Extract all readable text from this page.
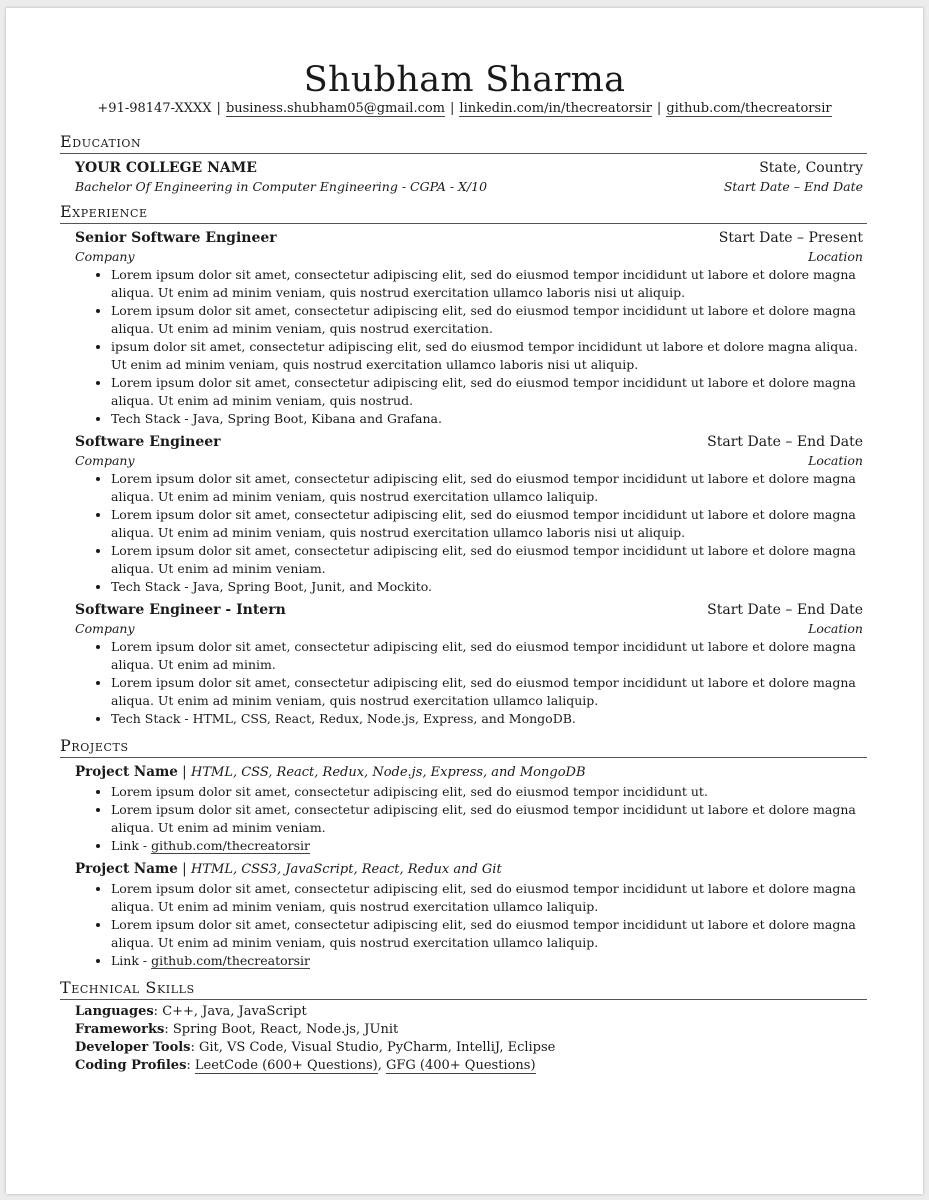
Shubham Sharma
+91-98147-XXXX | business.shubham05@gmail.com | linkedin.com/in/thecreatorsir | github.com/thecreatorsir
Education
YOUR COLLEGE NAME	State, Country
Bachelor Of Engineering in Computer Engineering - CGPA - X/10	Start Date – End Date
Experience
Senior Software Engineer	Start Date – Present
Company	Location
• Lorem ipsum dolor sit amet, consectetur adipiscing elit, sed do eiusmod tempor incididunt ut labore et dolore magna aliqua. Ut enim ad minim veniam, quis nostrud exercitation ullamco laboris nisi ut aliquip.
• Lorem ipsum dolor sit amet, consectetur adipiscing elit, sed do eiusmod tempor incididunt ut labore et dolore magna aliqua. Ut enim ad minim veniam, quis nostrud exercitation.
• ipsum dolor sit amet, consectetur adipiscing elit, sed do eiusmod tempor incididunt ut labore et dolore magna aliqua. Ut enim ad minim veniam, quis nostrud exercitation ullamco laboris nisi ut aliquip.
• Lorem ipsum dolor sit amet, consectetur adipiscing elit, sed do eiusmod tempor incididunt ut labore et dolore magna aliqua. Ut enim ad minim veniam, quis nostrud.
• Tech Stack - Java, Spring Boot, Kibana and Grafana.
Software Engineer	Start Date – End Date
Company	Location
• Lorem ipsum dolor sit amet, consectetur adipiscing elit, sed do eiusmod tempor incididunt ut labore et dolore magna aliqua. Ut enim ad minim veniam, quis nostrud exercitation ullamco laliquip.
• Lorem ipsum dolor sit amet, consectetur adipiscing elit, sed do eiusmod tempor incididunt ut labore et dolore magna aliqua. Ut enim ad minim veniam, quis nostrud exercitation ullamco laboris nisi ut aliquip.
• Lorem ipsum dolor sit amet, consectetur adipiscing elit, sed do eiusmod tempor incididunt ut labore et dolore magna aliqua. Ut enim ad minim veniam.
• Tech Stack - Java, Spring Boot, Junit, and Mockito.
Software Engineer - Intern	Start Date – End Date
Company	Location
• Lorem ipsum dolor sit amet, consectetur adipiscing elit, sed do eiusmod tempor incididunt ut labore et dolore magna aliqua. Ut enim ad minim.
• Lorem ipsum dolor sit amet, consectetur adipiscing elit, sed do eiusmod tempor incididunt ut labore et dolore magna aliqua. Ut enim ad minim veniam, quis nostrud exercitation ullamco laliquip.
• Tech Stack - HTML, CSS, React, Redux, Node.js, Express, and MongoDB.
Projects
Project Name | HTML, CSS, React, Redux, Node.js, Express, and MongoDB
• Lorem ipsum dolor sit amet, consectetur adipiscing elit, sed do eiusmod tempor incididunt ut.
• Lorem ipsum dolor sit amet, consectetur adipiscing elit, sed do eiusmod tempor incididunt ut labore et dolore magna aliqua. Ut enim ad minim veniam.
• Link - github.com/thecreatorsir
Project Name | HTML, CSS3, JavaScript, React, Redux and Git
• Lorem ipsum dolor sit amet, consectetur adipiscing elit, sed do eiusmod tempor incididunt ut labore et dolore magna aliqua. Ut enim ad minim veniam, quis nostrud exercitation ullamco laliquip.
• Lorem ipsum dolor sit amet, consectetur adipiscing elit, sed do eiusmod tempor incididunt ut labore et dolore magna aliqua. Ut enim ad minim veniam, quis nostrud exercitation ullamco laliquip.
• Link - github.com/thecreatorsir
Technical Skills
Languages: C++, Java, JavaScript
Frameworks: Spring Boot, React, Node.js, JUnit
Developer Tools: Git, VS Code, Visual Studio, PyCharm, IntelliJ, Eclipse
Coding Profiles: LeetCode (600+ Questions), GFG (400+ Questions)
